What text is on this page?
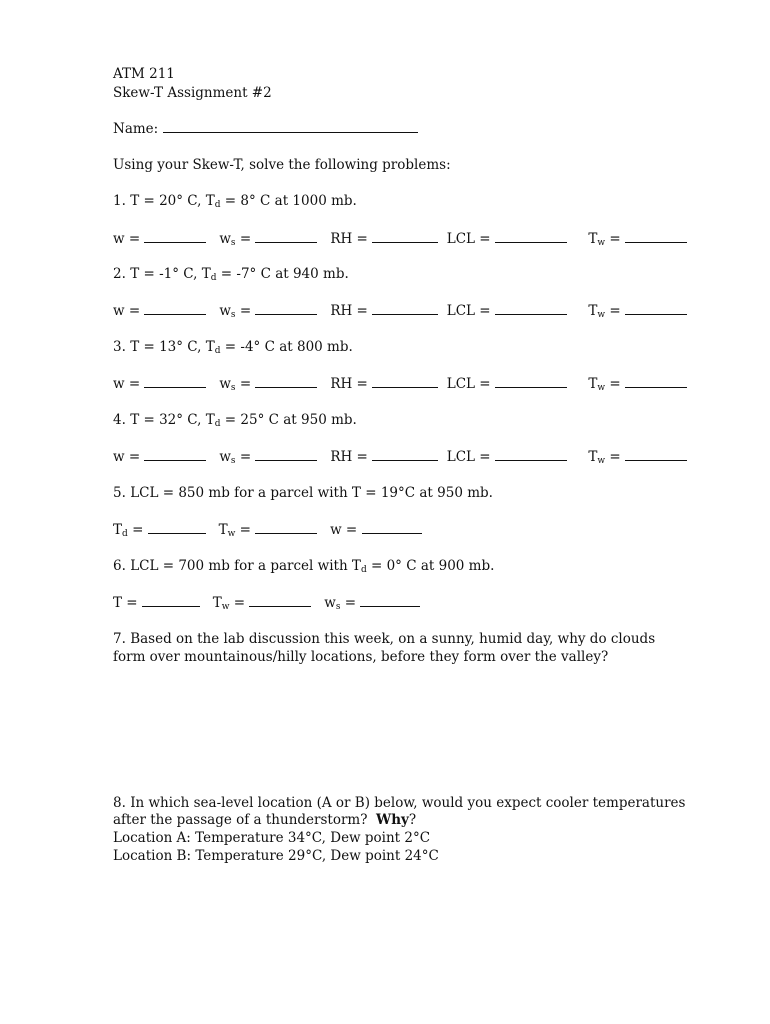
ATM 211
Skew-T Assignment #2
Name:
Using your Skew-T, solve the following problems:
1. T = 20° C, $T_d = 8^\circ$ C at 1000 mb.
w =	$w_s$ =	RH =	LCL =	$T_w$ =
2. T = -1° C, $T_d = -7^\circ$ C at 940 mb.
w =	$w_s$ =	RH =	LCL =	$T_w$ =
3. T = 13° C, $T_d = -4^\circ$ C at 800 mb.
w =	$w_s$ =	RH =	LCL =	$T_w$ =
4. T = 32° C, $T_d = 25^\circ$ C at 950 mb.
w =	$w_s$ =	RH =	LCL =	$T_w$ =
5. LCL = 850 mb for a parcel with T = 19°C at 950 mb.
$T_d$ =	$T_w$ =	w =
6. LCL = 700 mb for a parcel with $T_d = 0^\circ$ C at 900 mb.
T =	$T_w$ =	$w_s$ =
7. Based on the lab discussion this week, on a sunny, humid day, why do clouds
form over mountainous/hilly locations, before they form over the valley?
8. In which sea-level location (A or B) below, would you expect cooler temperatures
after the passage of a thunderstorm? Why?
Location A: Temperature 34°C, Dew point 2°C
Location B: Temperature 29°C, Dew point 24°C
